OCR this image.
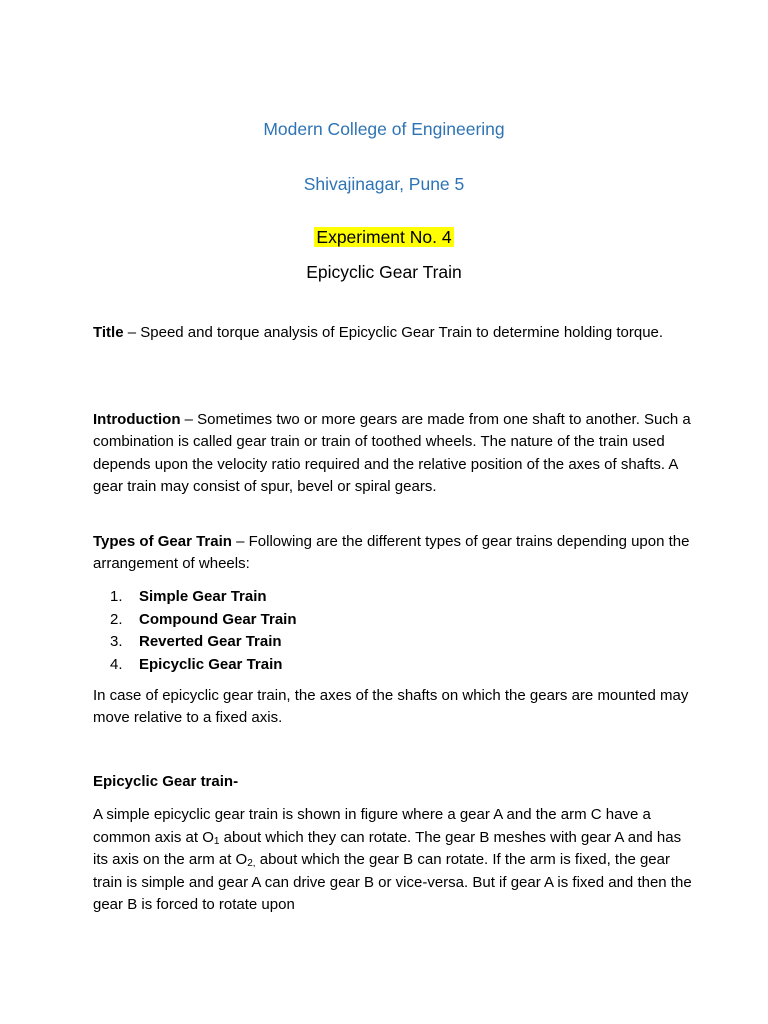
Modern College of Engineering
Shivajinagar, Pune 5
Experiment No. 4
Epicyclic Gear Train
Title – Speed and torque analysis of Epicyclic Gear Train to determine holding torque.
Introduction – Sometimes two or more gears are made from one shaft to another. Such a combination is called gear train or train of toothed wheels. The nature of the train used depends upon the velocity ratio required and the relative position of the axes of shafts. A gear train may consist of spur, bevel or spiral gears.
Types of Gear Train – Following are the different types of gear trains depending upon the arrangement of wheels:
1.	Simple Gear Train
2.	Compound Gear Train
3.	Reverted Gear Train
4.	Epicyclic Gear Train
In case of epicyclic gear train, the axes of the shafts on which the gears are mounted may move relative to a fixed axis.
Epicyclic Gear train-
A simple epicyclic gear train is shown in figure where a gear A and the arm C have a common axis at $O_1$ about which they can rotate. The gear B meshes with gear A and has its axis on the arm at $O_{2,}$ about which the gear B can rotate. If the arm is fixed, the gear train is simple and gear A can drive gear B or vice-versa. But if gear A is fixed and then the gear B is forced to rotate upon
